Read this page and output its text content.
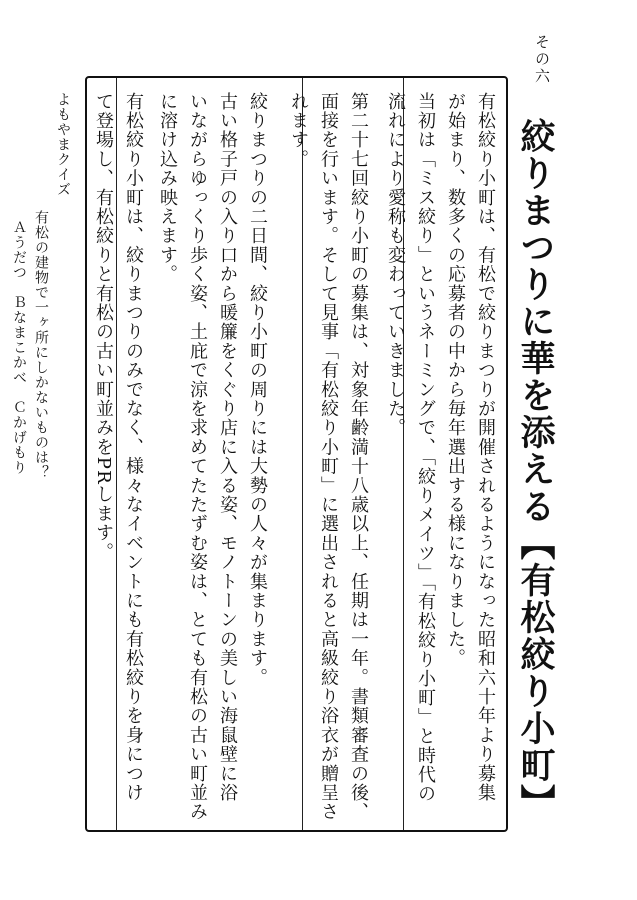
その六
絞りまつりに華を添える【有松絞り小町】
有松絞り小町は、有松で絞りまつりが開催されるようになった昭和六十年より募集
が始まり、数多くの応募者の中から毎年選出する様になりました。
当初は「ミス絞り」というネーミングで、「絞りメイツ」「有松絞り小町」と時代の
流れにより愛称も変わっていきました。
第二十七回絞り小町の募集は、対象年齢満十八歳以上、任期は一年。書類審査の後、
面接を行います。そして見事「有松絞り小町」に選出されると高級絞り浴衣が贈呈さ
れます。
絞りまつりの二日間、絞り小町の周りには大勢の人々が集まります。
古い格子戸の入り口から暖簾をくぐり店に入る姿、モノトーンの美しい海鼠壁に浴
いながらゆっくり歩く姿、土庇で涼を求めてたたずむ姿は、とても有松の古い町並み
に溶け込み映えます。
有松絞り小町は、絞りまつりのみでなく、様々なイベントにも有松絞りを身につけ
て登場し、有松絞りと有松の古い町並みをPRします。
よもやまクイズ
有松の建物で一ヶ所にしかないものは？
Ａうだつ　Ｂなまこかべ　Ｃかげもり
